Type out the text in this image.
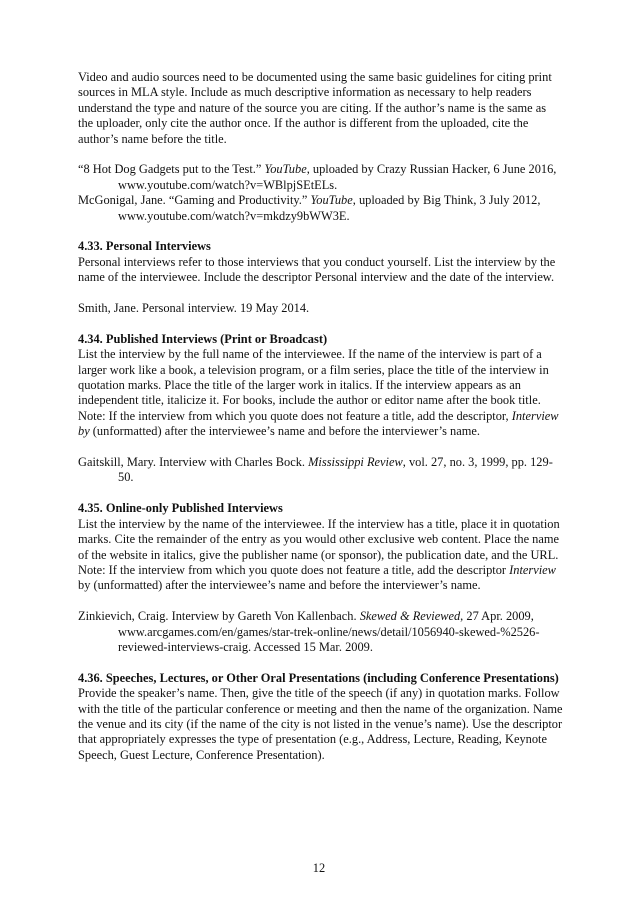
Video and audio sources need to be documented using the same basic guidelines for citing print sources in MLA style. Include as much descriptive information as necessary to help readers understand the type and nature of the source you are citing. If the author’s name is the same as the uploader, only cite the author once. If the author is different from the uploaded, cite the author’s name before the title.

“8 Hot Dog Gadgets put to the Test.” YouTube, uploaded by Crazy Russian Hacker, 6 June 2016, www.youtube.com/watch?v=WBlpjSEtELs.

McGonigal, Jane. “Gaming and Productivity.” YouTube, uploaded by Big Think, 3 July 2012, www.youtube.com/watch?v=mkdzy9bWW3E.

4.33. Personal Interviews

Personal interviews refer to those interviews that you conduct yourself. List the interview by the name of the interviewee. Include the descriptor Personal interview and the date of the interview.

Smith, Jane. Personal interview. 19 May 2014.

4.34. Published Interviews (Print or Broadcast)

List the interview by the full name of the interviewee. If the name of the interview is part of a larger work like a book, a television program, or a film series, place the title of the interview in quotation marks. Place the title of the larger work in italics. If the interview appears as an independent title, italicize it. For books, include the author or editor name after the book title.

Note: If the interview from which you quote does not feature a title, add the descriptor, Interview by (unformatted) after the interviewee’s name and before the interviewer’s name.

Gaitskill, Mary. Interview with Charles Bock. Mississippi Review, vol. 27, no. 3, 1999, pp. 129-50.

4.35. Online-only Published Interviews

List the interview by the name of the interviewee. If the interview has a title, place it in quotation marks. Cite the remainder of the entry as you would other exclusive web content. Place the name of the website in italics, give the publisher name (or sponsor), the publication date, and the URL.

Note: If the interview from which you quote does not feature a title, add the descriptor Interview by (unformatted) after the interviewee’s name and before the interviewer’s name.

Zinkievich, Craig. Interview by Gareth Von Kallenbach. Skewed & Reviewed, 27 Apr. 2009, www.arcgames.com/en/games/star-trek-online/news/detail/1056940-skewed-%2526-reviewed-interviews-craig. Accessed 15 Mar. 2009.

4.36. Speeches, Lectures, or Other Oral Presentations (including Conference Presentations)

Provide the speaker’s name. Then, give the title of the speech (if any) in quotation marks. Follow with the title of the particular conference or meeting and then the name of the organization. Name the venue and its city (if the name of the city is not listed in the venue’s name). Use the descriptor that appropriately expresses the type of presentation (e.g., Address, Lecture, Reading, Keynote Speech, Guest Lecture, Conference Presentation).

12
